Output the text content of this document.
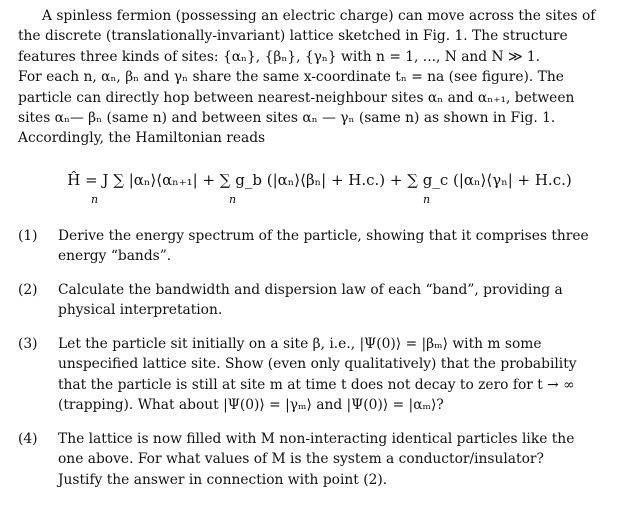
A spinless fermion (possessing an electric charge) can move across the sites of
the discrete (translationally-invariant) lattice sketched in Fig. 1. The structure
features three kinds of sites: {αₙ}, {βₙ}, {γₙ} with n = 1, ..., N and N ≫ 1.
For each n, αₙ, βₙ and γₙ share the same x-coordinate tₙ = na (see figure). The
particle can directly hop between nearest-neighbour sites αₙ and αₙ₊₁, between
sites αₙ— βₙ (same n) and between sites αₙ — γₙ (same n) as shown in Fig. 1.
Accordingly, the Hamiltonian reads
Ĥ = J ∑ |αₙ⟩⟨αₙ₊₁| + ∑ g_b (|αₙ⟩⟨βₙ| + H.c.) + ∑ g_c (|αₙ⟩⟨γₙ| + H.c.)
n	n	n
(1)	Derive the energy spectrum of the particle, showing that it comprises three
energy “bands”.
(2)	Calculate the bandwidth and dispersion law of each “band”, providing a
physical interpretation.
(3)	Let the particle sit initially on a site β, i.e., |Ψ(0)⟩ = |βₘ⟩ with m some
unspecified lattice site. Show (even only qualitatively) that the probability
that the particle is still at site m at time t does not decay to zero for t → ∞
(trapping). What about |Ψ(0)⟩ = |γₘ⟩ and |Ψ(0)⟩ = |αₘ⟩?
(4)	The lattice is now filled with M non-interacting identical particles like the
one above. For what values of M is the system a conductor/insulator?
Justify the answer in connection with point (2).
